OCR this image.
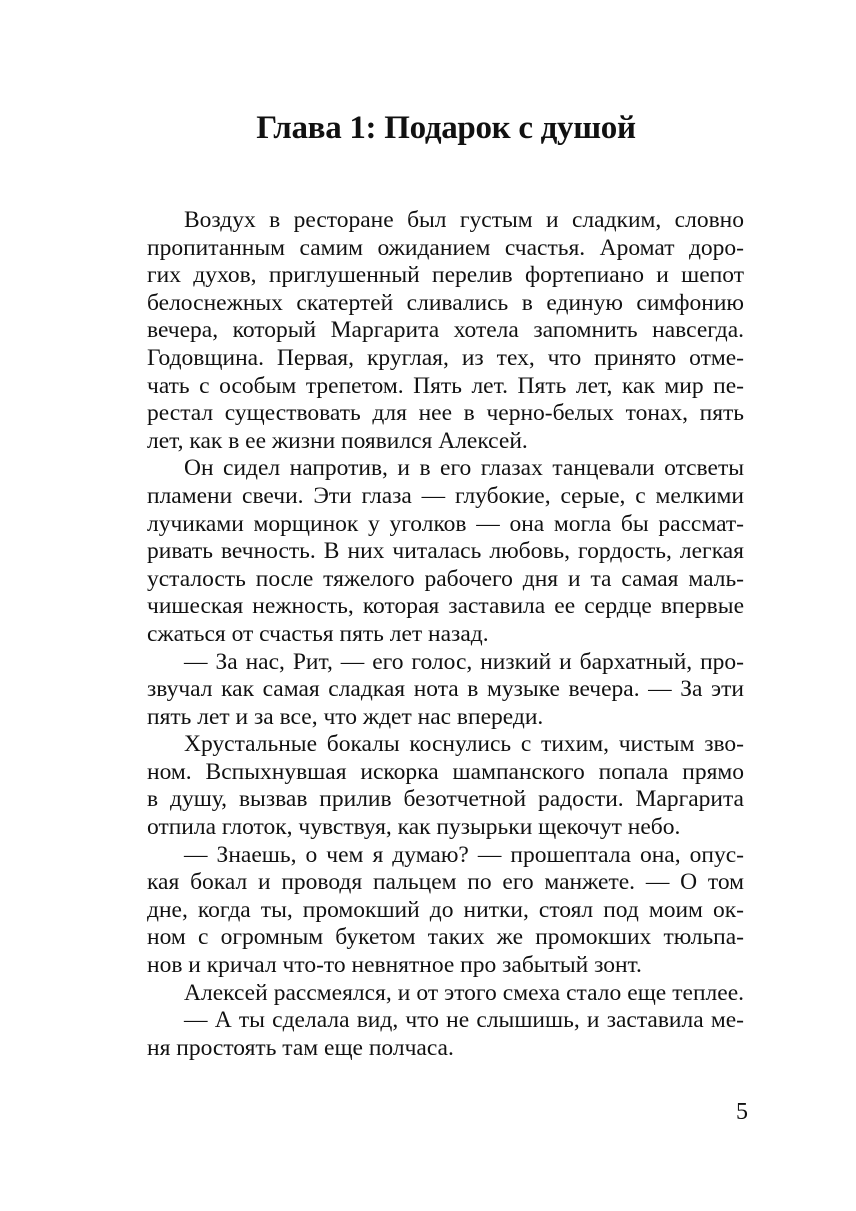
Глава 1: Подарок с душой
Воздух в ресторане был густым и сладким, словно
пропитанным самим ожиданием счастья. Аромат доро-
гих духов, приглушенный перелив фортепиано и шепот
белоснежных скатертей сливались в единую симфонию
вечера, который Маргарита хотела запомнить навсегда.
Годовщина. Первая, круглая, из тех, что принято отме-
чать с особым трепетом. Пять лет. Пять лет, как мир пе-
рестал существовать для нее в черно-белых тонах, пять
лет, как в ее жизни появился Алексей.
Он сидел напротив, и в его глазах танцевали отсветы
пламени свечи. Эти глаза — глубокие, серые, с мелкими
лучиками морщинок у уголков — она могла бы рассмат-
ривать вечность. В них читалась любовь, гордость, легкая
усталость после тяжелого рабочего дня и та самая маль-
чишеская нежность, которая заставила ее сердце впервые
сжаться от счастья пять лет назад.
— За нас, Рит, — его голос, низкий и бархатный, про-
звучал как самая сладкая нота в музыке вечера. — За эти
пять лет и за все, что ждет нас впереди.
Хрустальные бокалы коснулись с тихим, чистым зво-
ном. Вспыхнувшая искорка шампанского попала прямо
в душу, вызвав прилив безотчетной радости. Маргарита
отпила глоток, чувствуя, как пузырьки щекочут небо.
— Знаешь, о чем я думаю? — прошептала она, опус-
кая бокал и проводя пальцем по его манжете. — О том
дне, когда ты, промокший до нитки, стоял под моим ок-
ном с огромным букетом таких же промокших тюльпа-
нов и кричал что-то невнятное про забытый зонт.
Алексей рассмеялся, и от этого смеха стало еще теплее.
— А ты сделала вид, что не слышишь, и заставила ме-
ня простоять там еще полчаса.
5
